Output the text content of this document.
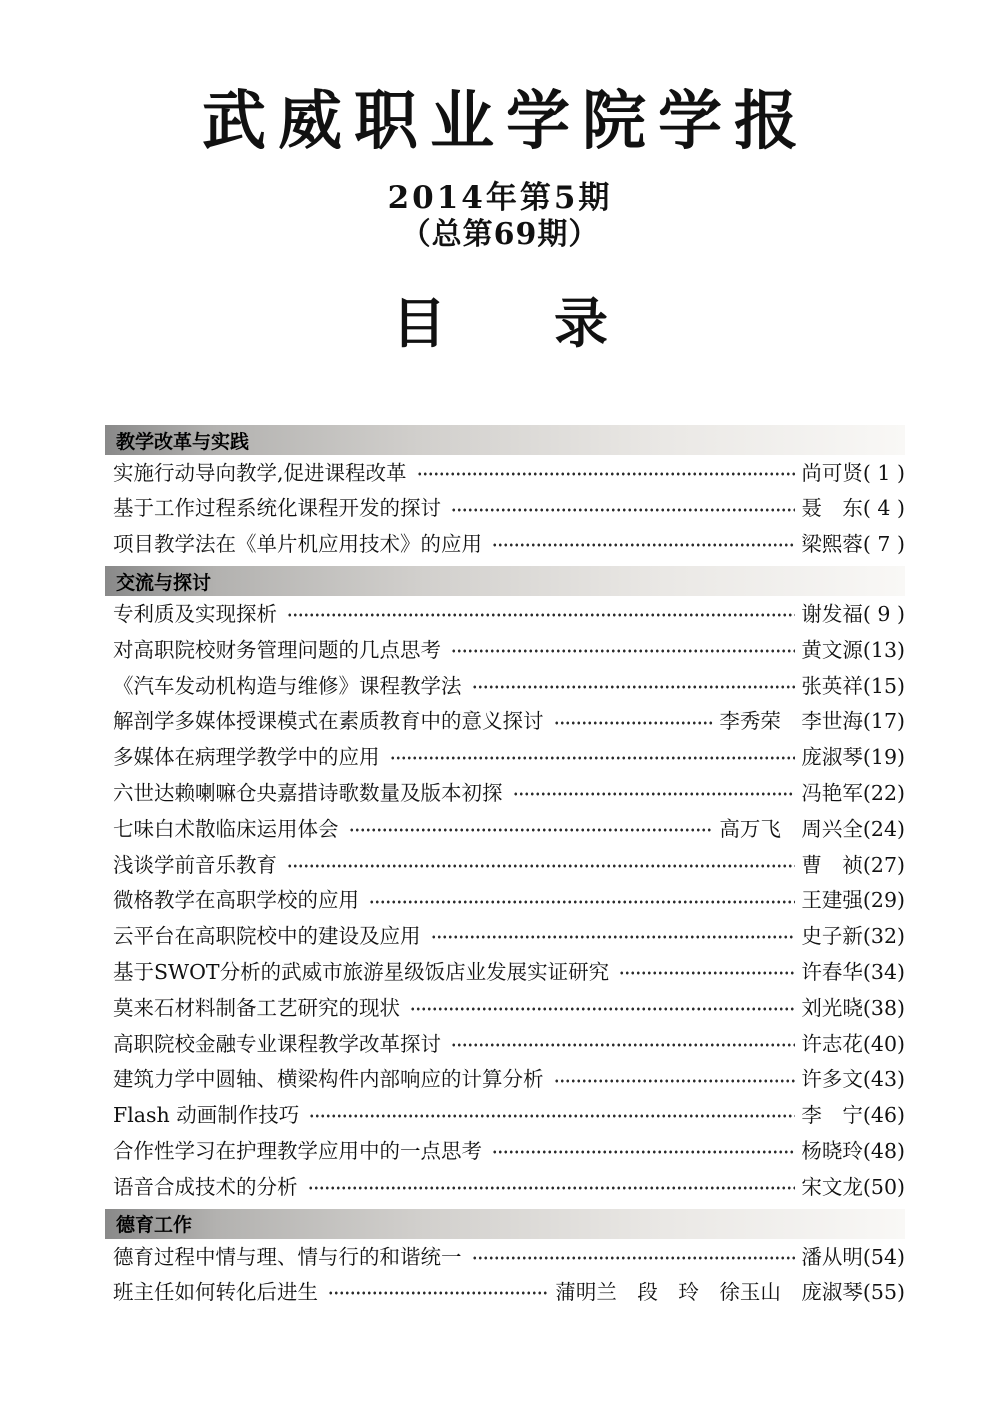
武威职业学院学报
2014年第5期
（总第69期）
目　　录
教学改革与实践
实施行动导向教学,促进课程改革	尚可贤( 1 )
基于工作过程系统化课程开发的探讨	聂　东( 4 )
项目教学法在《单片机应用技术》的应用	梁熙蓉( 7 )
交流与探讨
专利质及实现探析	谢发福( 9 )
对高职院校财务管理问题的几点思考	黄文源(13)
《汽车发动机构造与维修》课程教学法	张英祥(15)
解剖学多媒体授课模式在素质教育中的意义探讨	李秀荣　李世海(17)
多媒体在病理学教学中的应用	庞淑琴(19)
六世达赖喇嘛仓央嘉措诗歌数量及版本初探	冯艳军(22)
七味白术散临床运用体会	高万飞　周兴全(24)
浅谈学前音乐教育	曹　祯(27)
微格教学在高职学校的应用	王建强(29)
云平台在高职院校中的建设及应用	史子新(32)
基于SWOT分析的武威市旅游星级饭店业发展实证研究	许春华(34)
莫来石材料制备工艺研究的现状	刘光晓(38)
高职院校金融专业课程教学改革探讨	许志花(40)
建筑力学中圆轴、横梁构件内部响应的计算分析	许多文(43)
Flash 动画制作技巧	李　宁(46)
合作性学习在护理教学应用中的一点思考	杨晓玲(48)
语音合成技术的分析	宋文龙(50)
德育工作
德育过程中情与理、情与行的和谐统一	潘从明(54)
班主任如何转化后进生	蒲明兰　段　玲　徐玉山　庞淑琴(55)
